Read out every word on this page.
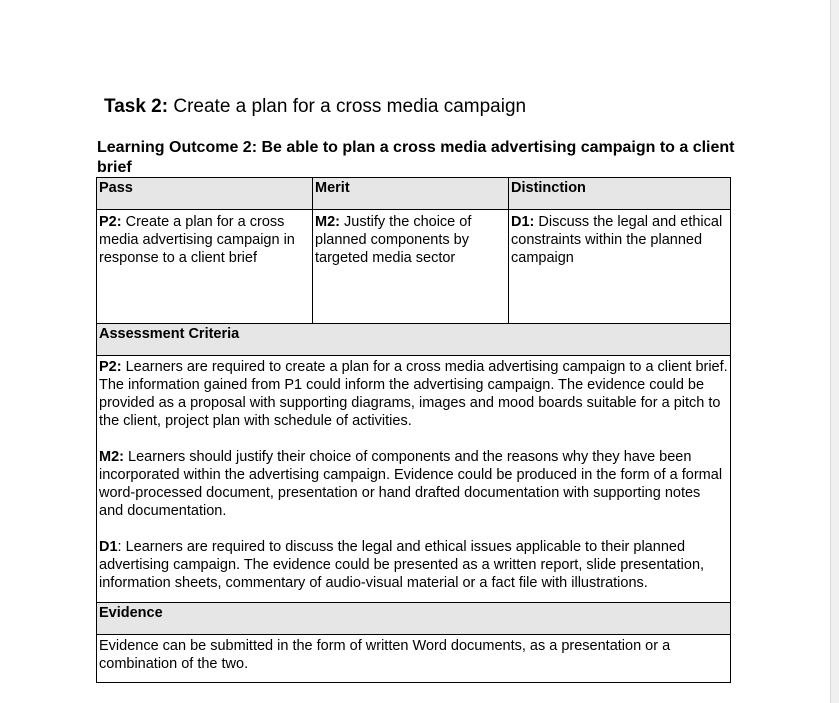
Task 2: Create a plan for a cross media campaign
Learning Outcome 2: Be able to plan a cross media advertising campaign to a client brief
Pass	Merit	Distinction
P2: Create a plan for a cross media advertising campaign in response to a client brief	M2: Justify the choice of planned components by targeted media sector	D1: Discuss the legal and ethical constraints within the planned campaign
Assessment Criteria		

P2: Learners are required to create a plan for a cross media advertising campaign to a client brief. The information gained from P1 could inform the advertising campaign. The evidence could be provided as a proposal with supporting diagrams, images and mood boards suitable for a pitch to the client, project plan with schedule of activities.

M2: Learners should justify their choice of components and the reasons why they have been incorporated within the advertising campaign. Evidence could be produced in the form of a formal word-processed document, presentation or hand drafted documentation with supporting notes and documentation.

D1: Learners are required to discuss the legal and ethical issues applicable to their planned advertising campaign. The evidence could be presented as a written report, slide presentation, information sheets, commentary of audio-visual material or a fact file with illustrations.		

Evidence		
Evidence can be submitted in the form of written Word documents, as a presentation or a combination of the two.		
